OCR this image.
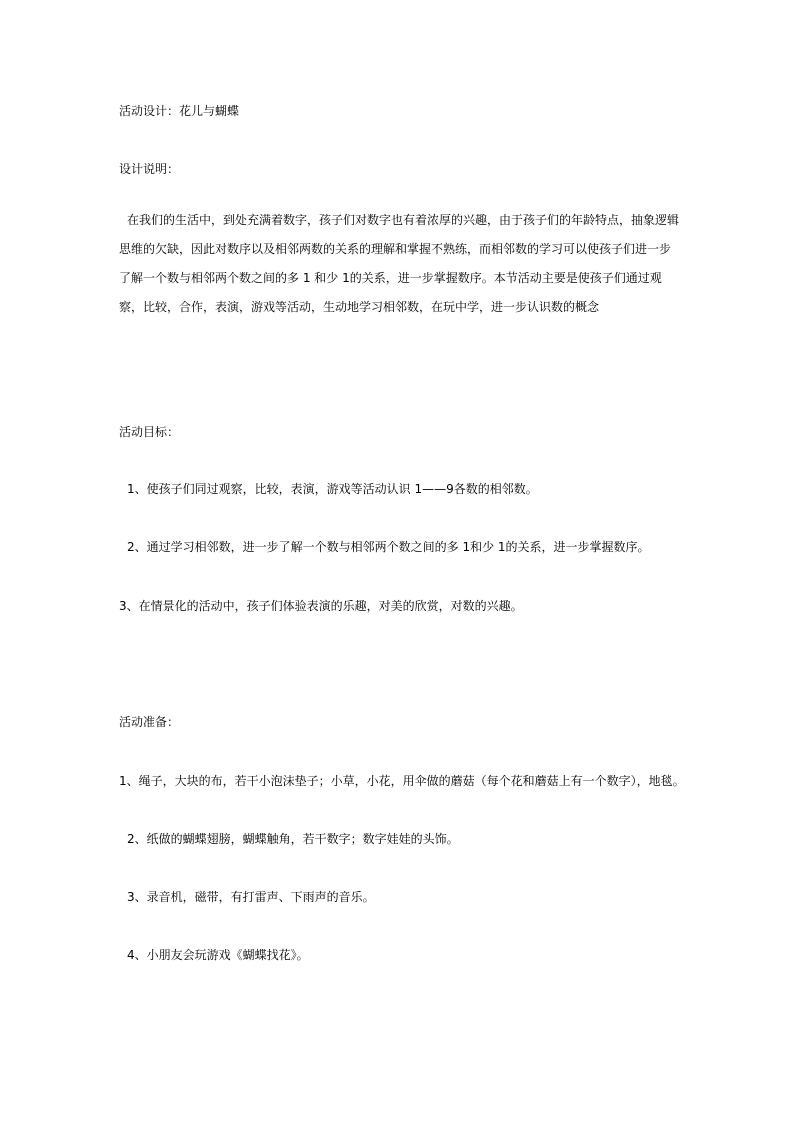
活动设计：花儿与蝴蝶
设计说明：
在我们的生活中，到处充满着数字，孩子们对数字也有着浓厚的兴趣，由于孩子们的年龄特点，抽象逻辑思维的欠缺，因此对数序以及相邻两数的关系的理解和掌握不熟练，而相邻数的学习可以使孩子们进一步了解一个数与相邻两个数之间的多 1 和少 1的关系，进一步掌握数序。本节活动主要是使孩子们通过观察，比较，合作，表演，游戏等活动，生动地学习相邻数，在玩中学，进一步认识数的概念
活动目标：
1、使孩子们同过观察，比较，表演，游戏等活动认识 1——9各数的相邻数。
2、通过学习相邻数，进一步了解一个数与相邻两个数之间的多 1和少 1的关系，进一步掌握数序。
3、在情景化的活动中，孩子们体验表演的乐趣，对美的欣赏，对数的兴趣。
活动准备：
1、绳子，大块的布，若干小泡沫垫子；小草，小花，用伞做的蘑菇（每个花和蘑菇上有一个数字），地毯。
2、纸做的蝴蝶翅膀，蝴蝶触角，若干数字；数字娃娃的头饰。
3、录音机，磁带，有打雷声、下雨声的音乐。
4、小朋友会玩游戏《蝴蝶找花》。
